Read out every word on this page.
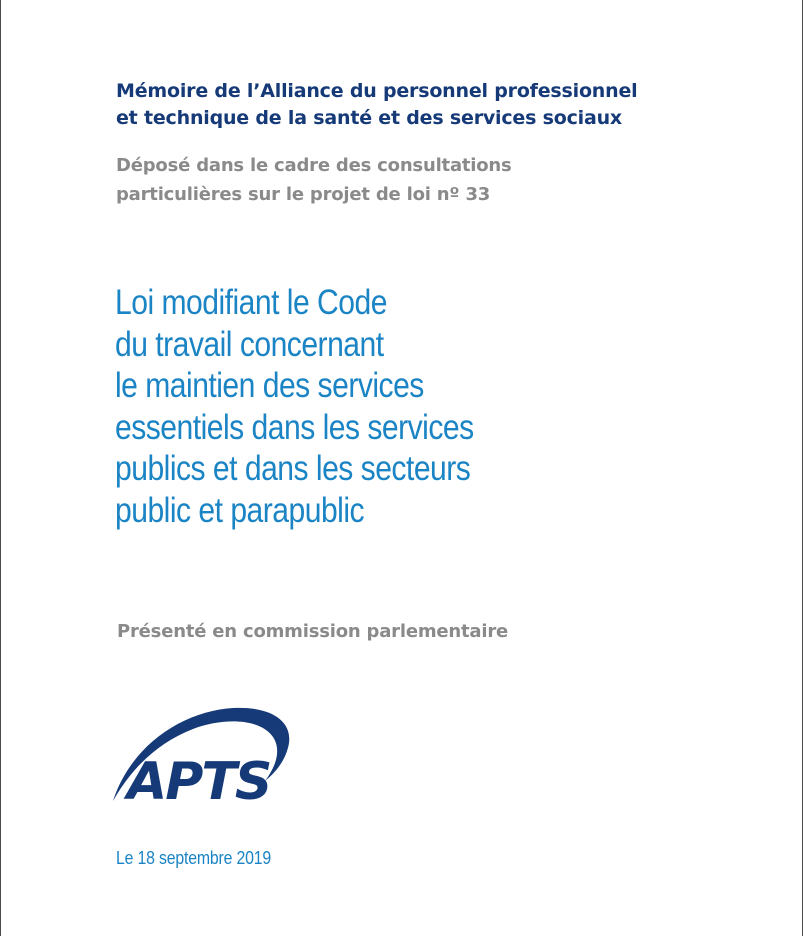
Mémoire de l’Alliance du personnel professionnel
et technique de la santé et des services sociaux
Déposé dans le cadre des consultations
particulières sur le projet de loi nº 33
Loi modifiant le Code
du travail concernant
le maintien des services
essentiels dans les services
publics et dans les secteurs
public et parapublic
Présenté en commission parlementaire
APTS
Le 18 septembre 2019
